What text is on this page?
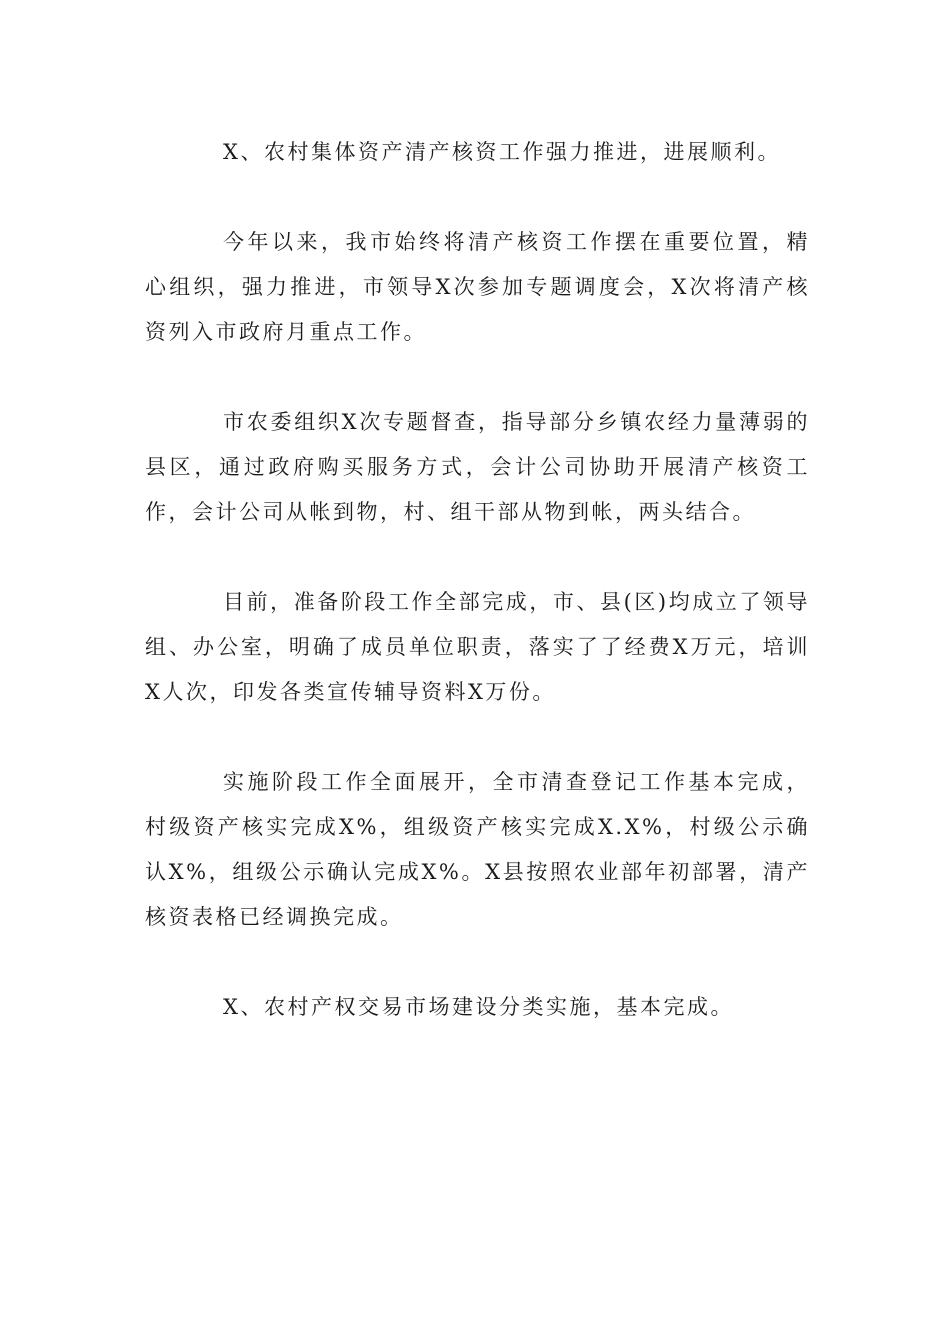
X、农村集体资产清产核资工作强力推进，进展顺利。

今年以来，我市始终将清产核资工作摆在重要位置，精心组织，强力推进，市领导X次参加专题调度会，X次将清产核资列入市政府月重点工作。

市农委组织X次专题督查，指导部分乡镇农经力量薄弱的县区，通过政府购买服务方式，会计公司协助开展清产核资工作，会计公司从帐到物，村、组干部从物到帐，两头结合。

目前，准备阶段工作全部完成，市、县(区)均成立了领导组、办公室，明确了成员单位职责，落实了了经费X万元，培训X人次，印发各类宣传辅导资料X万份。

实施阶段工作全面展开，全市清查登记工作基本完成，村级资产核实完成X%，组级资产核实完成X.X%，村级公示确认X%，组级公示确认完成X%。X县按照农业部年初部署，清产核资表格已经调换完成。

X、农村产权交易市场建设分类实施，基本完成。
